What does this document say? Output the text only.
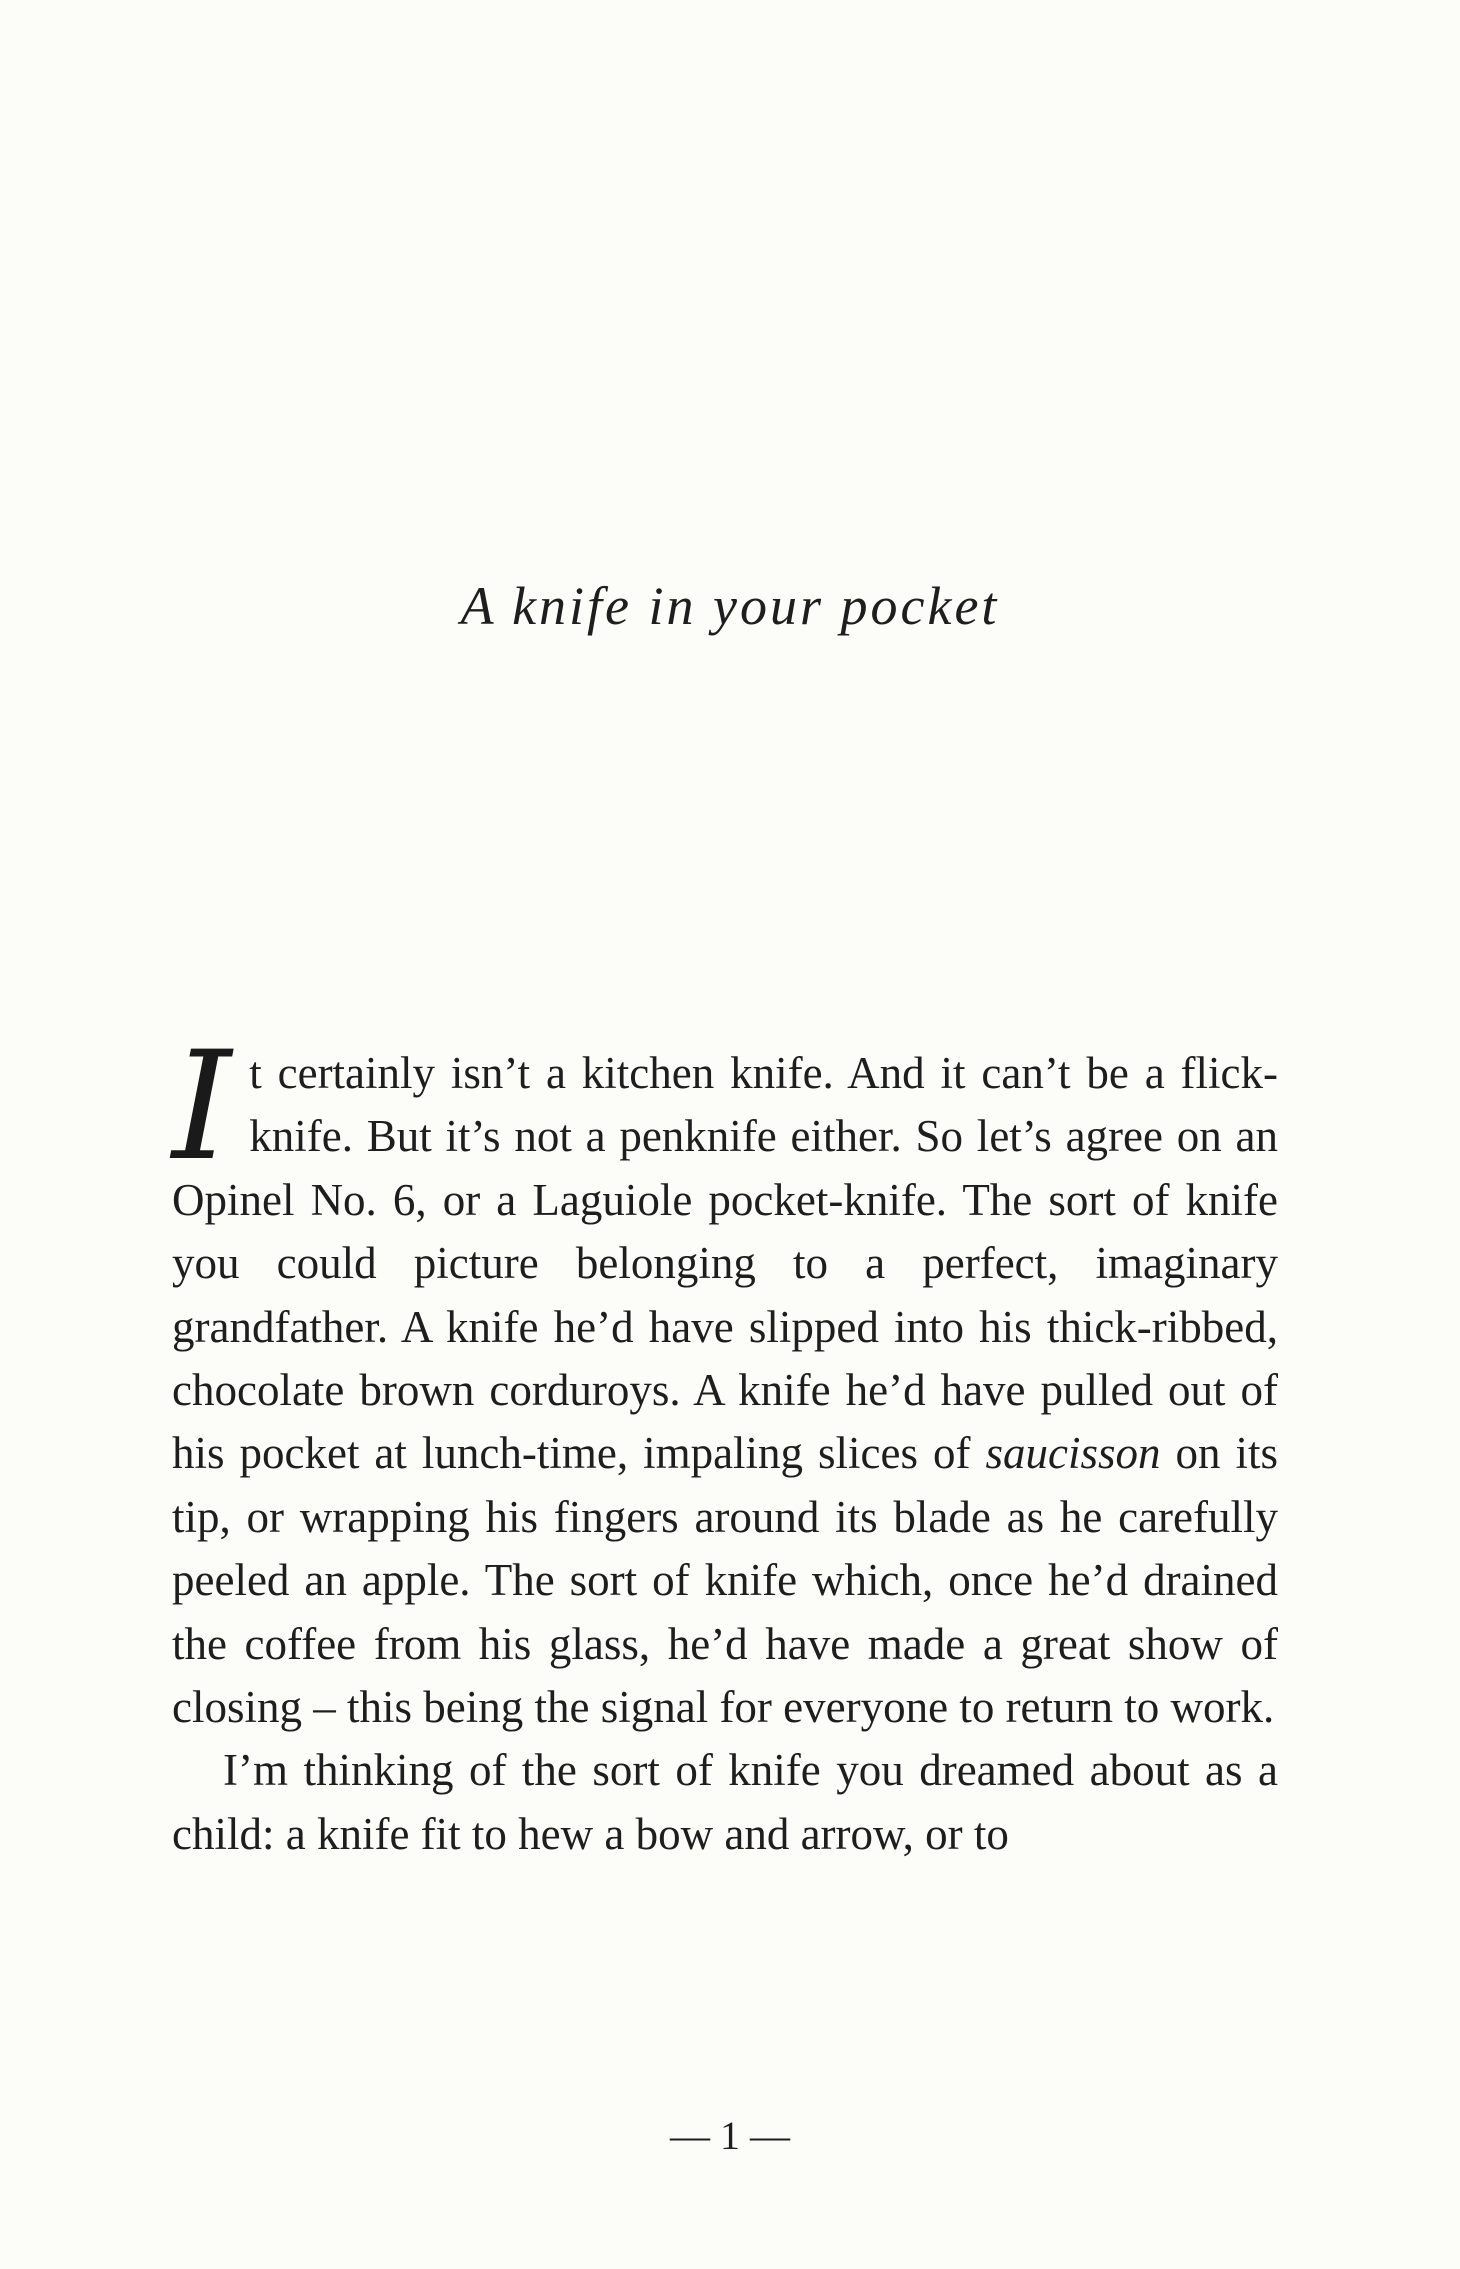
A knife in your pocket

It certainly isn’t a kitchen knife. And it can’t be a flick-knife. But it’s not a penknife either. So let’s agree on an Opinel No. 6, or a Laguiole pocket-knife. The sort of knife you could picture belonging to a perfect, imaginary grandfather. A knife he’d have slipped into his thick-ribbed, chocolate brown corduroys. A knife he’d have pulled out of his pocket at lunch-time, impaling slices of saucisson on its tip, or wrapping his fingers around its blade as he carefully peeled an apple. The sort of knife which, once he’d drained the coffee from his glass, he’d have made a great show of closing – this being the signal for everyone to return to work.

I’m thinking of the sort of knife you dreamed about as a child: a knife fit to hew a bow and arrow, or to

— 1 —
